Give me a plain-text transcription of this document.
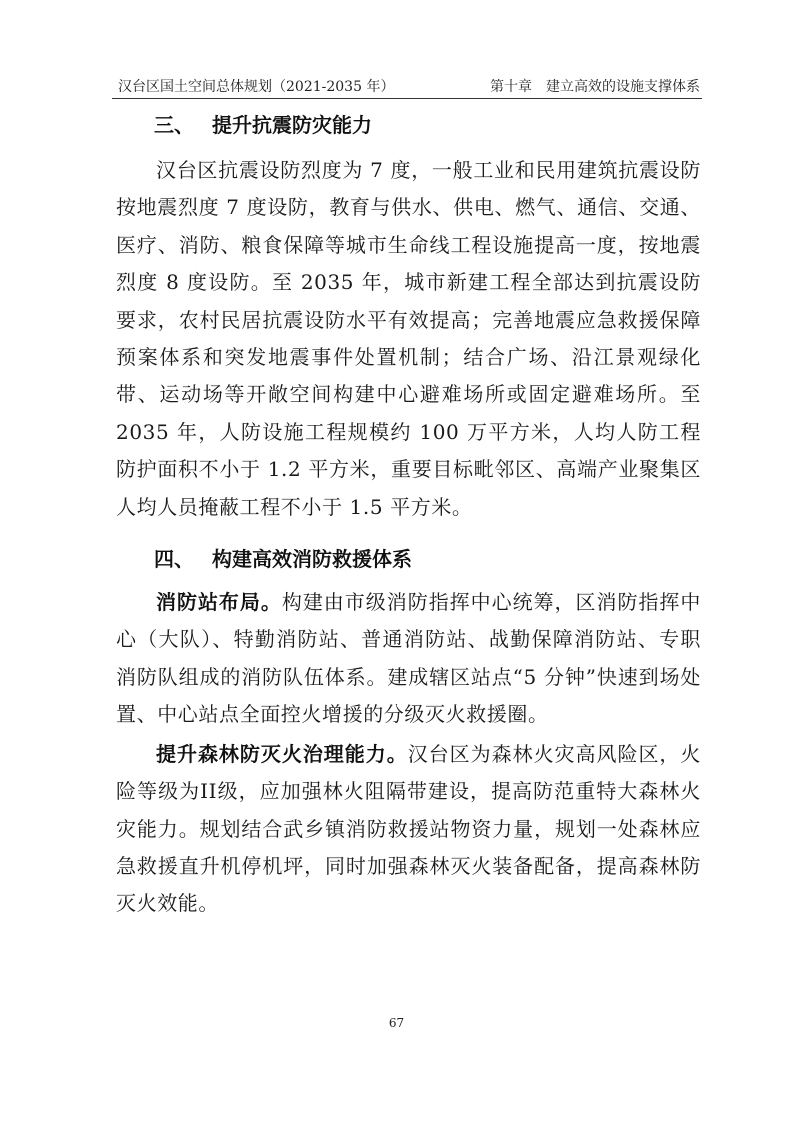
汉台区国土空间总体规划（2021-2035 年）	第十章　建立高效的设施支撑体系
三、 提升抗震防灾能力

汉台区抗震设防烈度为 7 度，一般工业和民用建筑抗震设防按地震烈度 7 度设防，教育与供水、供电、燃气、通信、交通、医疗、消防、粮食保障等城市生命线工程设施提高一度，按地震烈度 8 度设防。至 2035 年，城市新建工程全部达到抗震设防要求，农村民居抗震设防水平有效提高；完善地震应急救援保障预案体系和突发地震事件处置机制；结合广场、沿江景观绿化带、运动场等开敞空间构建中心避难场所或固定避难场所。至 2035 年，人防设施工程规模约 100 万平方米，人均人防工程防护面积不小于 1.2 平方米，重要目标毗邻区、高端产业聚集区人均人员掩蔽工程不小于 1.5 平方米。

四、 构建高效消防救援体系

消防站布局。构建由市级消防指挥中心统筹，区消防指挥中心（大队）、特勤消防站、普通消防站、战勤保障消防站、专职消防队组成的消防队伍体系。建成辖区站点“5 分钟”快速到场处置、中心站点全面控火增援的分级灭火救援圈。

提升森林防灭火治理能力。汉台区为森林火灾高风险区，火险等级为II级，应加强林火阻隔带建设，提高防范重特大森林火灾能力。规划结合武乡镇消防救援站物资力量，规划一处森林应急救援直升机停机坪，同时加强森林灭火装备配备，提高森林防灭火效能。

67
